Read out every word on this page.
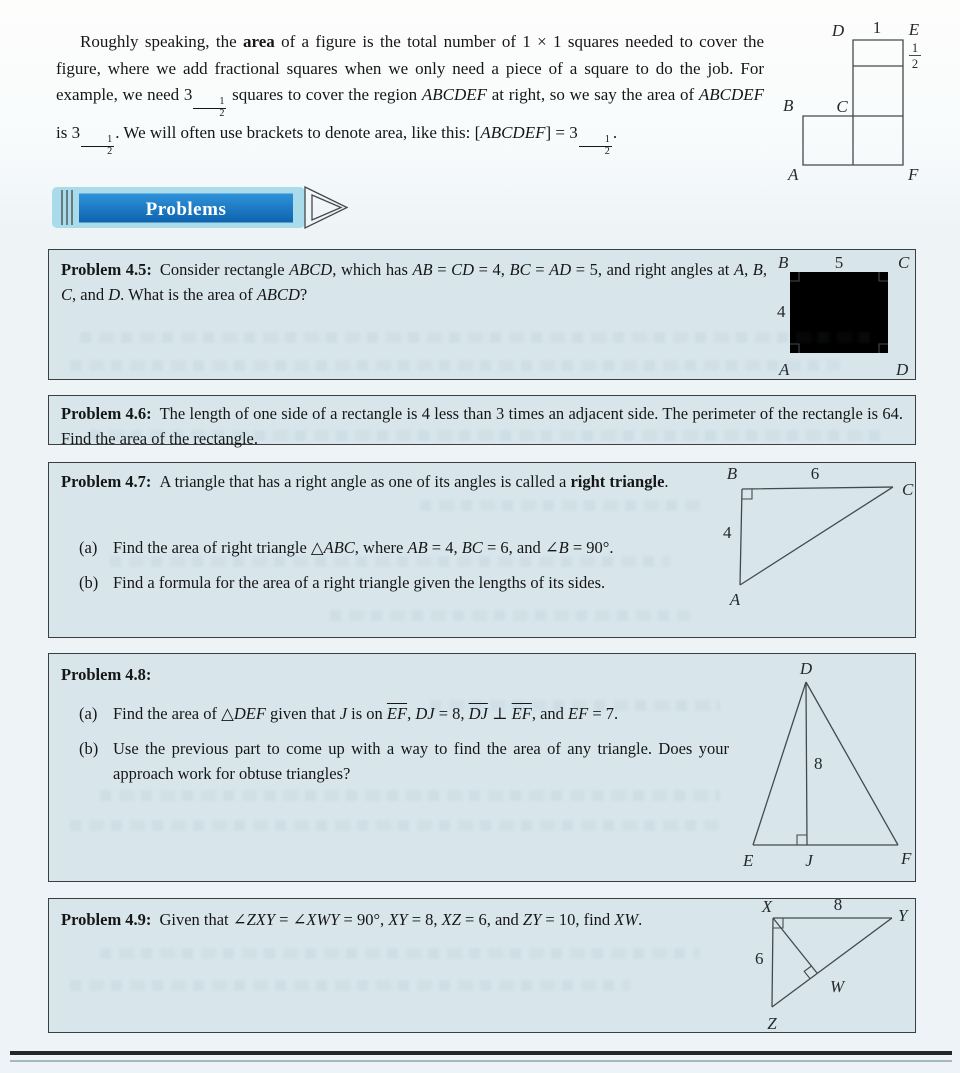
Roughly speaking, the area of a figure is the total number of 1 × 1 squares needed to cover the figure, where we add fractional squares when we only need a piece of a square to do the job. For example, we need 3
$\frac{1}{2}$
squares to cover the region ABCDEF at right, so we say the area of ABCDEF is 3
$\frac{1}{2}$
. We will often use brackets to denote area, like this: [ABCDEF] = 3
$\frac{1}{2}$
.

D 1 E
1
2
B	C
A	F
Problems
Problem 4.5: Consider rectangle ABCD, which has AB = CD = 4, BC = AD = 5, and right angles at A, B, C, and D. What is the area of ABCD?
B	5	C
4
A	D
Problem 4.6: The length of one side of a rectangle is 4 less than 3 times an adjacent side. The perimeter of the rectangle is 64. Find the area of the rectangle.
Problem 4.7: A triangle that has a right angle as one of its angles is called a right triangle.
(a) Find the area of right triangle △ABC, where AB = 4, BC = 6, and ∠B = 90°.
(b) Find a formula for the area of a right triangle given the lengths of its sides.
B	6
C
4
A
Problem 4.8:
(a) Find the area of △DEF given that J is on $\overline{EF}$, DJ = 8, $\overline{DJ}$ ⊥ $\overline{EF}$, and EF = 7.
(b) Use the previous part to come up with a way to find the area of any triangle. Does your approach work for obtuse triangles?
D
8
E	J	F
Problem 4.9: Given that ∠ZXY = ∠XWY = 90°, XY = 8, XZ = 6, and ZY = 10, find XW.
X	8
Y
6
W
Z
